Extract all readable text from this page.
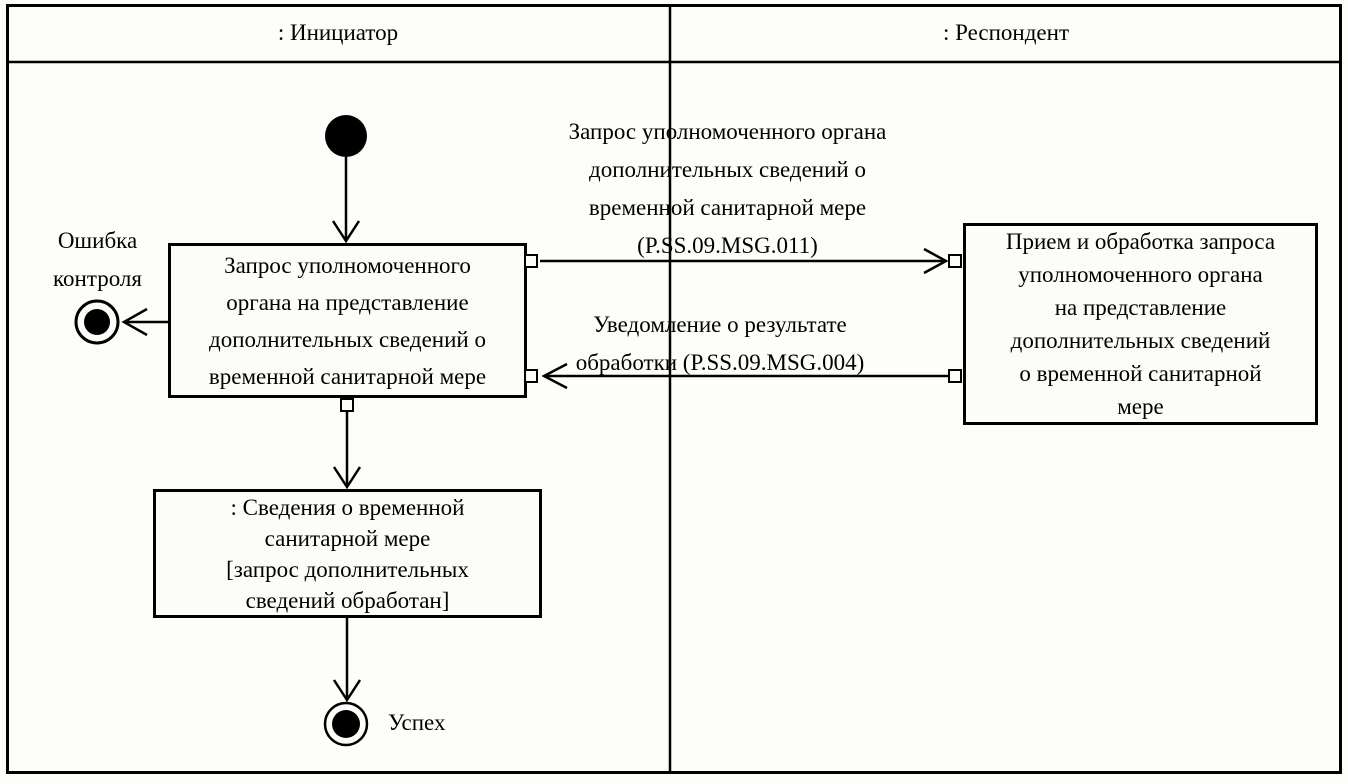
: Инициатор	: Респондент
Запрос уполномоченного
органа на представление
дополнительных сведений о
временной санитарной мере
Прием и обработка запроса
уполномоченного органа
на представление
дополнительных сведений
о временной санитарной
мере
: Сведения о временной
санитарной мере
[запрос дополнительных
сведений обработан]
Запрос уполномоченного органа
дополнительных сведений о
временной санитарной мере
(P.SS.09.MSG.011)
Уведомление о результате
обработки (P.SS.09.MSG.004)
Ошибка
контроля
Успех
